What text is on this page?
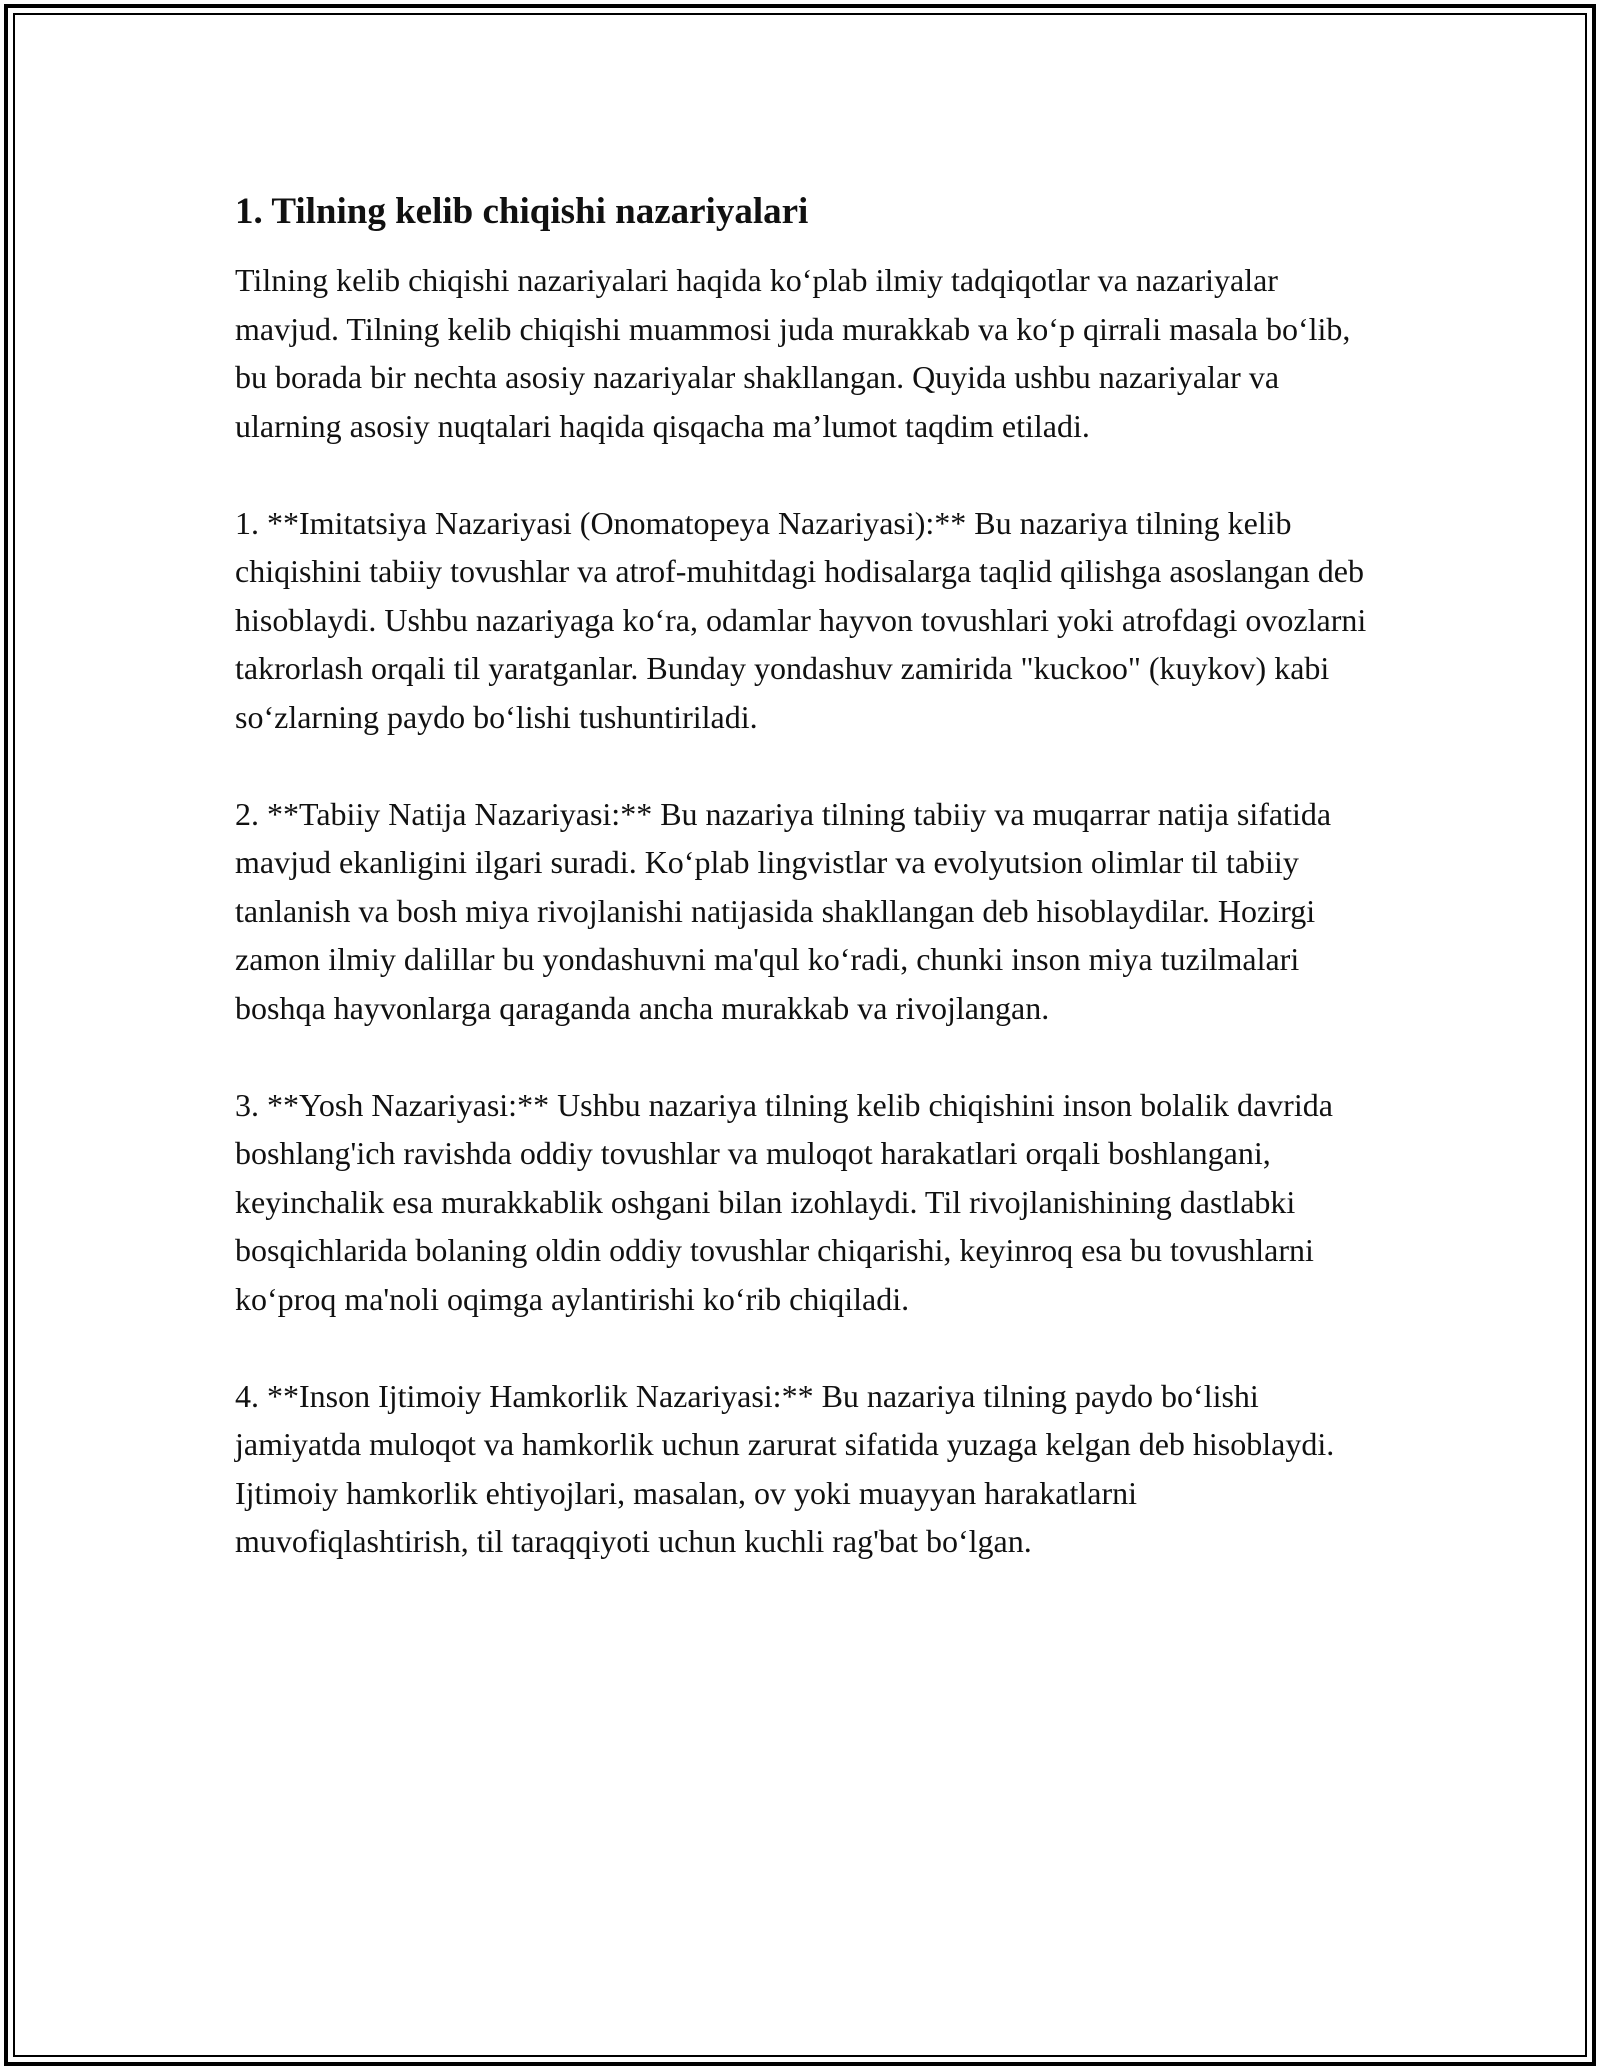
1. Tilning kelib chiqishi nazariyalari

Tilning kelib chiqishi nazariyalari haqida ko‘plab ilmiy tadqiqotlar va nazariyalar mavjud. Tilning kelib chiqishi muammosi juda murakkab va ko‘p qirrali masala bo‘lib, bu borada bir nechta asosiy nazariyalar shakllangan. Quyida ushbu nazariyalar va ularning asosiy nuqtalari haqida qisqacha ma’lumot taqdim etiladi.

1. **Imitatsiya Nazariyasi (Onomatopeya Nazariyasi):** Bu nazariya tilning kelib chiqishini tabiiy tovushlar va atrof-muhitdagi hodisalarga taqlid qilishga asoslangan deb hisoblaydi. Ushbu nazariyaga ko‘ra, odamlar hayvon tovushlari yoki atrofdagi ovozlarni takrorlash orqali til yaratganlar. Bunday yondashuv zamirida "kuckoo" (kuykov) kabi so‘zlarning paydo bo‘lishi tushuntiriladi.

2. **Tabiiy Natija Nazariyasi:** Bu nazariya tilning tabiiy va muqarrar natija sifatida mavjud ekanligini ilgari suradi. Ko‘plab lingvistlar va evolyutsion olimlar til tabiiy tanlanish va bosh miya rivojlanishi natijasida shakllangan deb hisoblaydilar. Hozirgi zamon ilmiy dalillar bu yondashuvni ma'qul ko‘radi, chunki inson miya tuzilmalari boshqa hayvonlarga qaraganda ancha murakkab va rivojlangan.

3. **Yosh Nazariyasi:** Ushbu nazariya tilning kelib chiqishini inson bolalik davrida boshlang'ich ravishda oddiy tovushlar va muloqot harakatlari orqali boshlangani, keyinchalik esa murakkablik oshgani bilan izohlaydi. Til rivojlanishining dastlabki bosqichlarida bolaning oldin oddiy tovushlar chiqarishi, keyinroq esa bu tovushlarni ko‘proq ma'noli oqimga aylantirishi ko‘rib chiqiladi.

4. **Inson Ijtimoiy Hamkorlik Nazariyasi:** Bu nazariya tilning paydo bo‘lishi jamiyatda muloqot va hamkorlik uchun zarurat sifatida yuzaga kelgan deb hisoblaydi. Ijtimoiy hamkorlik ehtiyojlari, masalan, ov yoki muayyan harakatlarni muvofiqlashtirish, til taraqqiyoti uchun kuchli rag'bat bo‘lgan.
